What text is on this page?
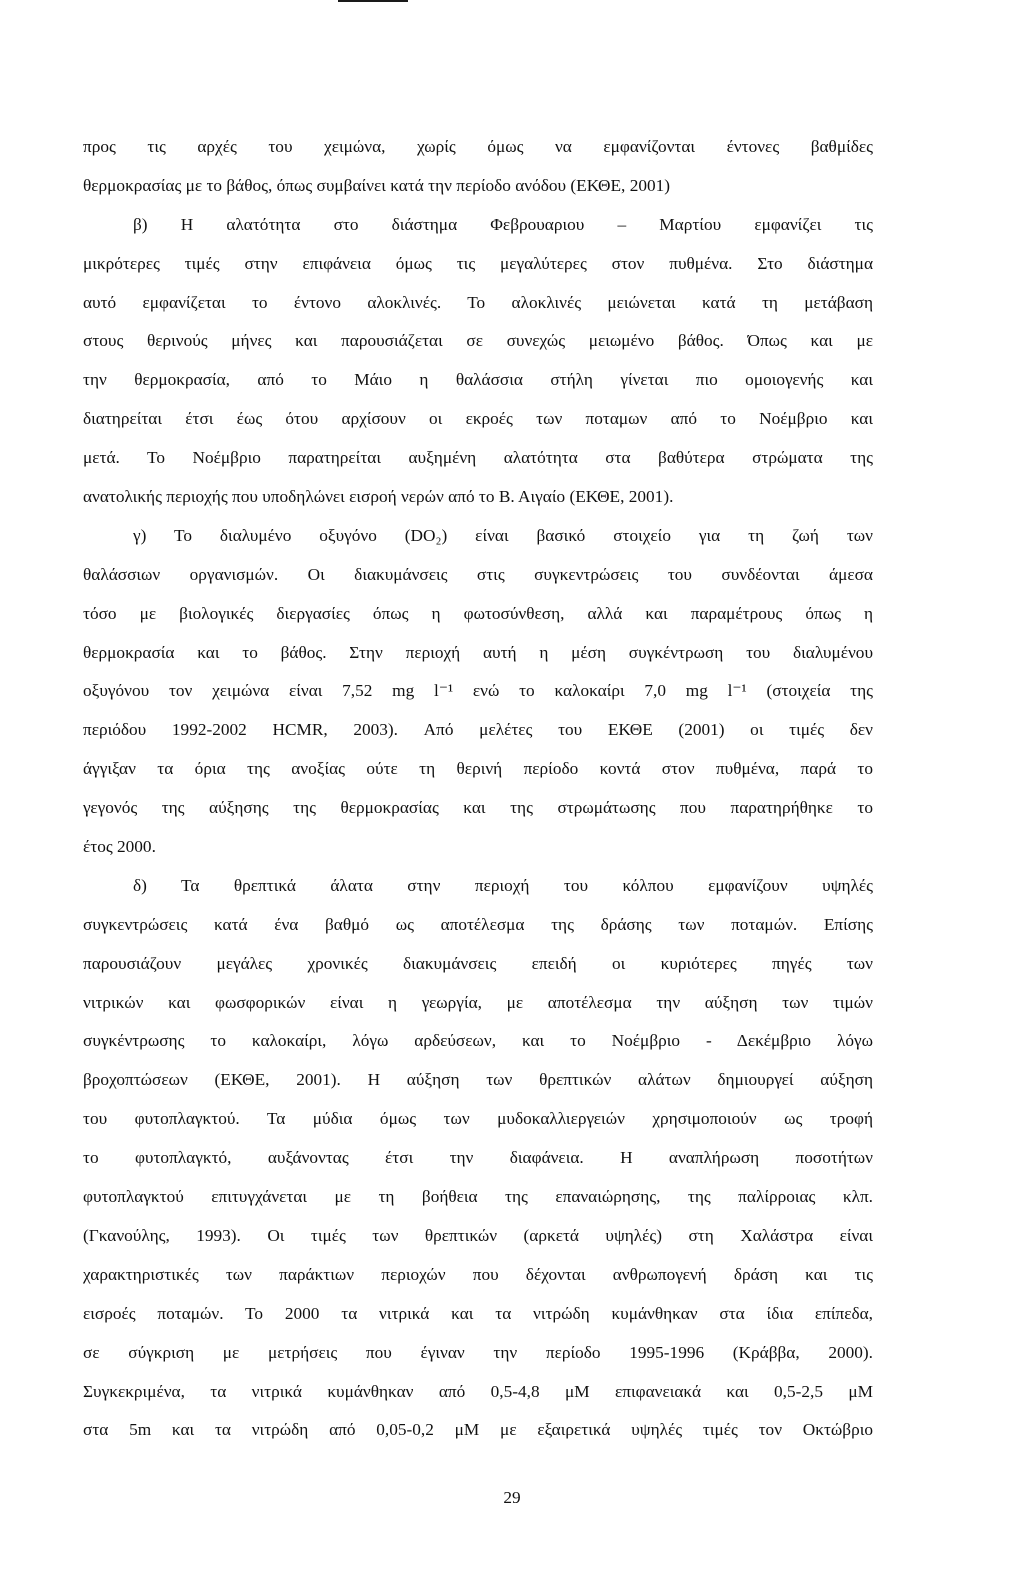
προς τις αρχές του χειμώνα, χωρίς όμως να εμφανίζονται έντονες βαθμίδες
θερμοκρασίας με το βάθος, όπως συμβαίνει κατά την περίοδο ανόδου (ΕΚΘΕ, 2001)
β) Η αλατότητα στο διάστημα Φεβρουαριου – Μαρτίου εμφανίζει τις
μικρότερες τιμές στην επιφάνεια όμως τις μεγαλύτερες στον πυθμένα. Στο διάστημα
αυτό εμφανίζεται το έντονο αλοκλινές. Το αλοκλινές μειώνεται κατά τη μετάβαση
στους θερινούς μήνες και παρουσιάζεται σε συνεχώς μειωμένο βάθος. Όπως και με
την θερμοκρασία, από το Μάιο η θαλάσσια στήλη γίνεται πιο ομοιογενής και
διατηρείται έτσι έως ότου αρχίσουν οι εκροές των ποταμων από το Νοέμβριο και
μετά. Το Νοέμβριο παρατηρείται αυξημένη αλατότητα στα βαθύτερα στρώματα της
ανατολικής περιοχής που υποδηλώνει εισροή νερών από το Β. Αιγαίο (ΕΚΘΕ, 2001).
γ) Το διαλυμένο οξυγόνο (DO₂) είναι βασικό στοιχείο για τη ζωή των
θαλάσσιων οργανισμών. Οι διακυμάνσεις στις συγκεντρώσεις του συνδέονται άμεσα
τόσο με βιολογικές διεργασίες όπως η φωτοσύνθεση, αλλά και παραμέτρους όπως η
θερμοκρασία και το βάθος. Στην περιοχή αυτή η μέση συγκέντρωση του διαλυμένου
οξυγόνου τον χειμώνα είναι 7,52 mg l⁻¹ ενώ το καλοκαίρι 7,0 mg l⁻¹ (στοιχεία της
περιόδου 1992-2002 HCMR, 2003). Από μελέτες του ΕΚΘΕ (2001) οι τιμές δεν
άγγιξαν τα όρια της ανοξίας ούτε τη θερινή περίοδο κοντά στον πυθμένα, παρά το
γεγονός της αύξησης της θερμοκρασίας και της στρωμάτωσης που παρατηρήθηκε το
έτος 2000.
δ) Τα θρεπτικά άλατα στην περιοχή του κόλπου εμφανίζουν υψηλές
συγκεντρώσεις κατά ένα βαθμό ως αποτέλεσμα της δράσης των ποταμών. Επίσης
παρουσιάζουν μεγάλες χρονικές διακυμάνσεις επειδή οι κυριότερες πηγές των
νιτρικών και φωσφορικών είναι η γεωργία, με αποτέλεσμα την αύξηση των τιμών
συγκέντρωσης το καλοκαίρι, λόγω αρδεύσεων, και το Νοέμβριο - Δεκέμβριο λόγω
βροχοπτώσεων (ΕΚΘΕ, 2001). Η αύξηση των θρεπτικών αλάτων δημιουργεί αύξηση
του φυτοπλαγκτού. Τα μύδια όμως των μυδοκαλλιεργειών χρησιμοποιούν ως τροφή
το φυτοπλαγκτό, αυξάνοντας έτσι την διαφάνεια. Η αναπλήρωση ποσοτήτων
φυτοπλαγκτού επιτυγχάνεται με τη βοήθεια της επαναιώρησης, της παλίρροιας κλπ.
(Γκανούλης, 1993). Οι τιμές των θρεπτικών (αρκετά υψηλές) στη Χαλάστρα είναι
χαρακτηριστικές των παράκτιων περιοχών που δέχονται ανθρωπογενή δράση και τις
εισροές ποταμών. Το 2000 τα νιτρικά και τα νιτρώδη κυμάνθηκαν στα ίδια επίπεδα,
σε σύγκριση με μετρήσεις που έγιναν την περίοδο 1995-1996 (Κράββα, 2000).
Συγκεκριμένα, τα νιτρικά κυμάνθηκαν από 0,5-4,8 μM επιφανειακά και 0,5-2,5 μM
στα 5m και τα νιτρώδη από 0,05-0,2 μM με εξαιρετικά υψηλές τιμές τον Οκτώβριο
29
